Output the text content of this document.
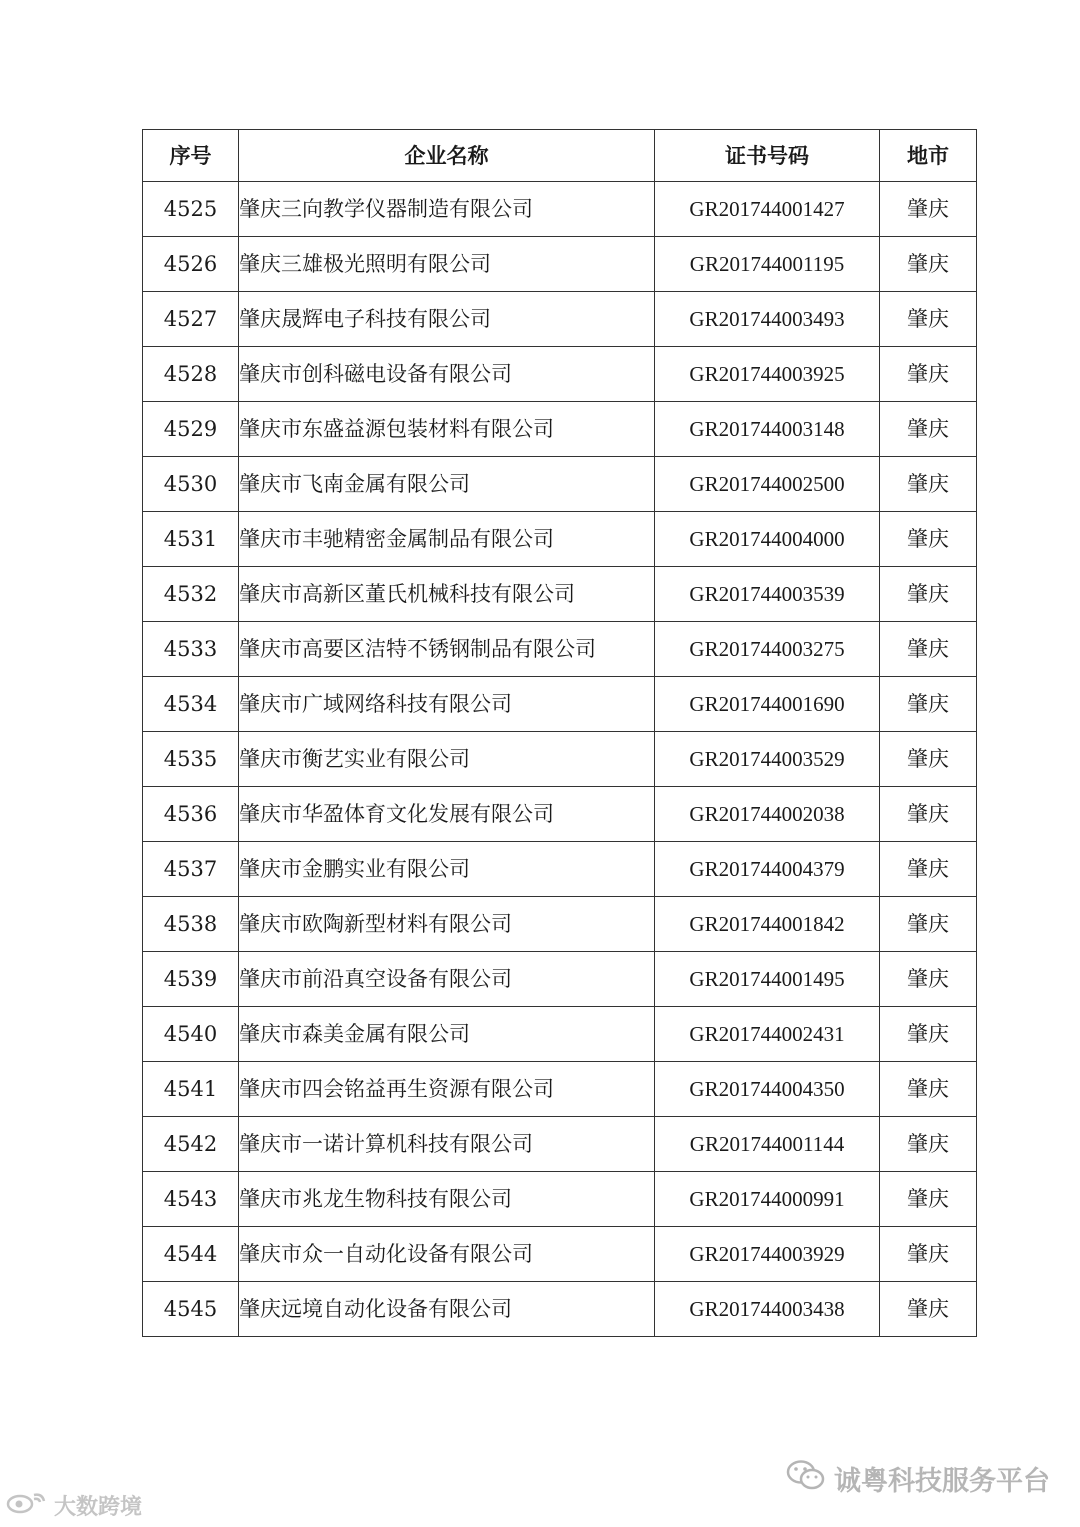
序号	企业名称	证书号码	地市
4525	肇庆三向教学仪器制造有限公司	GR201744001427	肇庆
4526	肇庆三雄极光照明有限公司	GR201744001195	肇庆
4527	肇庆晟辉电子科技有限公司	GR201744003493	肇庆
4528	肇庆市创科磁电设备有限公司	GR201744003925	肇庆
4529	肇庆市东盛益源包装材料有限公司	GR201744003148	肇庆
4530	肇庆市飞南金属有限公司	GR201744002500	肇庆
4531	肇庆市丰驰精密金属制品有限公司	GR201744004000	肇庆
4532	肇庆市高新区董氏机械科技有限公司	GR201744003539	肇庆
4533	肇庆市高要区洁特不锈钢制品有限公司	GR201744003275	肇庆
4534	肇庆市广域网络科技有限公司	GR201744001690	肇庆
4535	肇庆市衡艺实业有限公司	GR201744003529	肇庆
4536	肇庆市华盈体育文化发展有限公司	GR201744002038	肇庆
4537	肇庆市金鹏实业有限公司	GR201744004379	肇庆
4538	肇庆市欧陶新型材料有限公司	GR201744001842	肇庆
4539	肇庆市前沿真空设备有限公司	GR201744001495	肇庆
4540	肇庆市森美金属有限公司	GR201744002431	肇庆
4541	肇庆市四会铭益再生资源有限公司	GR201744004350	肇庆
4542	肇庆市一诺计算机科技有限公司	GR201744001144	肇庆
4543	肇庆市兆龙生物科技有限公司	GR201744000991	肇庆
4544	肇庆市众一自动化设备有限公司	GR201744003929	肇庆
4545	肇庆远境自动化设备有限公司	GR201744003438	肇庆
诚粤科技服务平台
大数跨境
